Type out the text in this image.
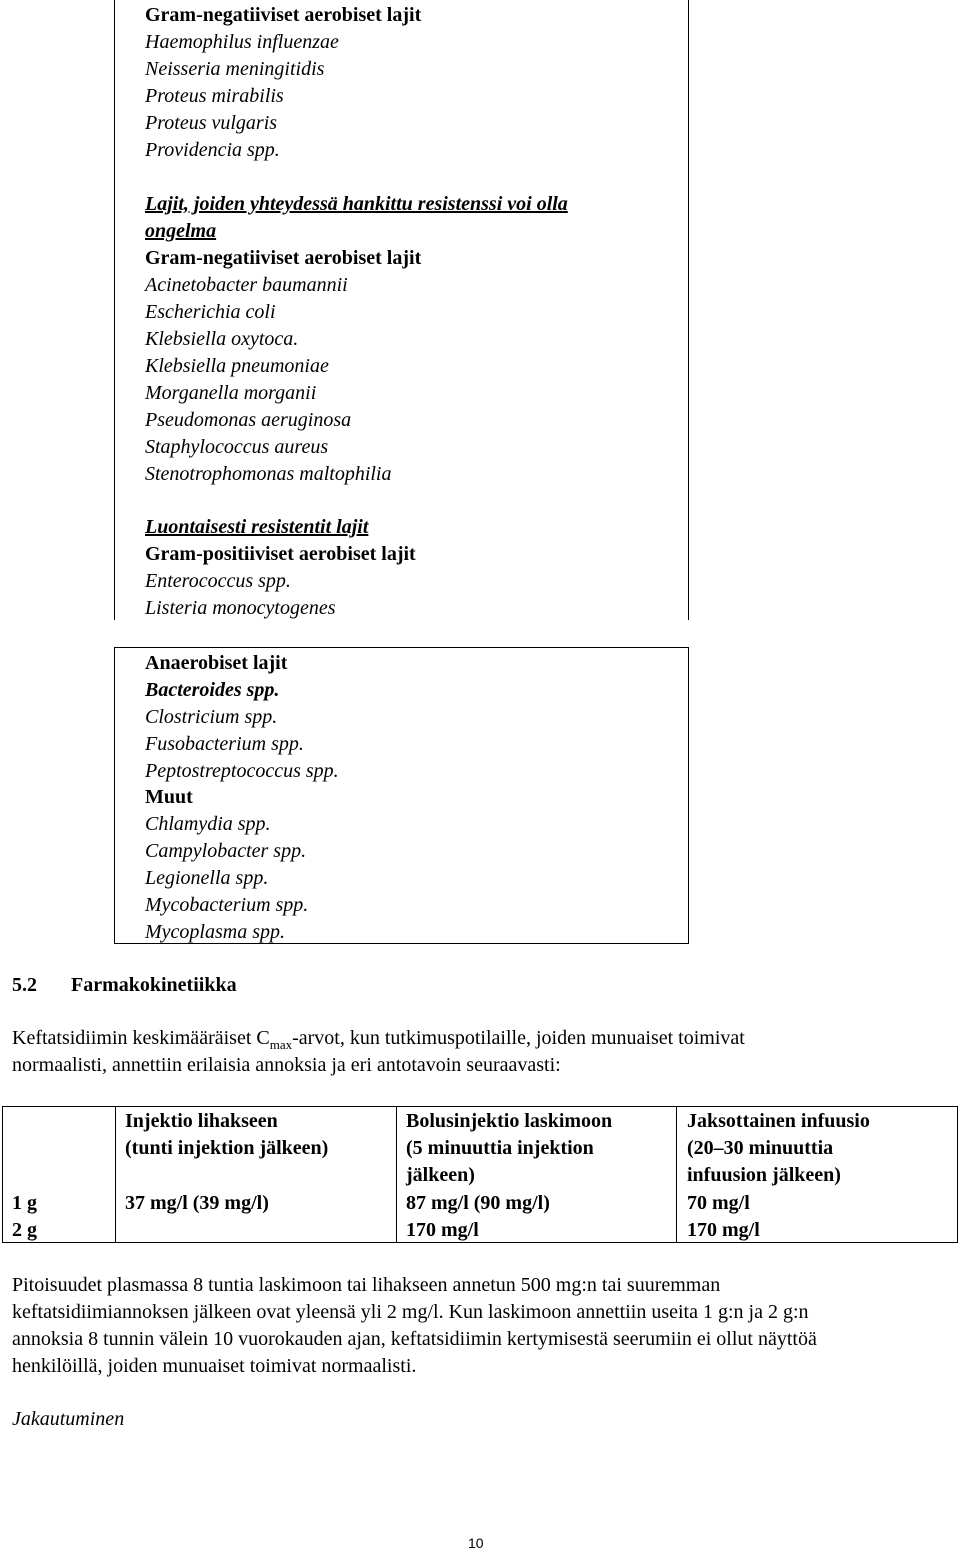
Gram-negatiiviset aerobiset lajit
Haemophilus influenzae
Neisseria meningitidis
Proteus mirabilis
Proteus vulgaris
Providencia spp.
Lajit, joiden yhteydessä hankittu resistenssi voi olla
ongelma
Gram-negatiiviset aerobiset lajit
Acinetobacter baumannii
Escherichia coli
Klebsiella oxytoca.
Klebsiella pneumoniae
Morganella morganii
Pseudomonas aeruginosa
Staphylococcus aureus
Stenotrophomonas maltophilia
Luontaisesti resistentit lajit
Gram-positiiviset aerobiset lajit
Enterococcus spp.
Listeria monocytogenes
Anaerobiset lajit
Bacteroides spp.
Clostricium spp.
Fusobacterium spp.
Peptostreptococcus spp.
Muut
Chlamydia spp.
Campylobacter spp.
Legionella spp.
Mycobacterium spp.
Mycoplasma spp.
5.2 Farmakokinetiikka
Keftatsidiimin keskimääräiset $C_{max}$-arvot, kun tutkimuspotilaille, joiden munuaiset toimivat
normaalisti, annettiin erilaisia annoksia ja eri antotavoin seuraavasti:
Injektio lihakseen
(tunti injektion jälkeen)
Bolusinjektio laskimoon
(5 minuuttia injektion
jälkeen)
Jaksottainen infuusio
(20–30 minuuttia
infuusion jälkeen)
1 g
2 g
37 mg/l (39 mg/l)	87 mg/l (90 mg/l)
170 mg/l
70 mg/l
170 mg/l
Pitoisuudet plasmassa 8 tuntia laskimoon tai lihakseen annetun 500 mg:n tai suuremman
keftatsidiimiannoksen jälkeen ovat yleensä yli 2 mg/l. Kun laskimoon annettiin useita 1 g:n ja 2 g:n
annoksia 8 tunnin välein 10 vuorokauden ajan, keftatsidiimin kertymisestä seerumiin ei ollut näyttöä
henkilöillä, joiden munuaiset toimivat normaalisti.
Jakautuminen
10
